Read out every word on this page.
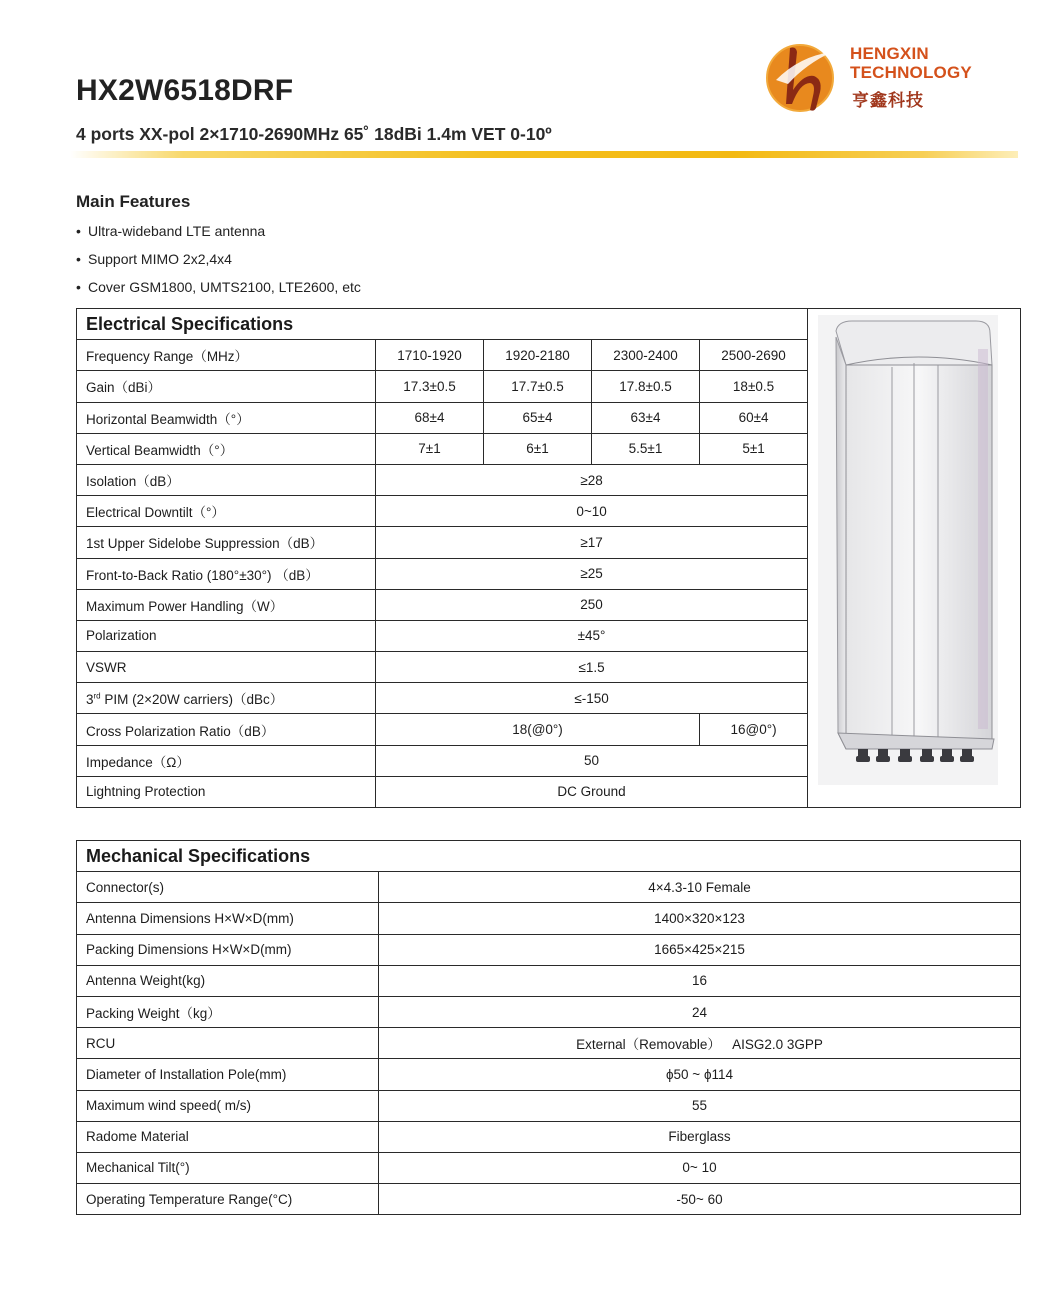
HX2W6518DRF
4 ports XX-pol 2×1710-2690MHz 65˚ 18dBi 1.4m VET 0-10º
HENGXIN
TECHNOLOGY
亨鑫科技
Main Features
• Ultra-wideband LTE antenna
• Support MIMO 2x2,4x4
• Cover GSM1800, UMTS2100, LTE2600, etc
Electrical Specifications	

Frequency Range（MHz）	1710-1920	1920-2180	2300-2400	2500-2690	
Gain（dBi）	17.3±0.5	17.7±0.5	17.8±0.5	18±0.5	
Horizontal Beamwidth（°）	68±4	65±4	63±4	60±4	
Vertical Beamwidth（°）	7±1	6±1	5.5±1	5±1	
Isolation（dB）	≥28				
Electrical Downtilt（°）	0~10				
1st Upper Sidelobe Suppression（dB）	≥17				
Front-to-Back Ratio (180°±30°) （dB）	≥25				
Maximum Power Handling（W）	250				
Polarization	±45°				
VSWR	≤1.5				
3rd PIM (2×20W carriers)（dBc）	≤-150				
Cross Polarization Ratio（dB）	18(@0°)			16@0°)	
Impedance（Ω）	50				
Lightning Protection	DC Ground				
Mechanical Specifications	
Connector(s)	4×4.3-10 Female
Antenna Dimensions H×W×D(mm)	1400×320×123
Packing Dimensions H×W×D(mm)	1665×425×215
Antenna Weight(kg)	16
Packing Weight（kg）	24
RCU	External（Removable）   AISG2.0 3GPP
Diameter of Installation Pole(mm)	ϕ50 ~ ϕ114
Maximum wind speed( m/s)	55
Radome Material	Fiberglass
Mechanical Tilt(°)	0~ 10
Operating Temperature Range(°C)	-50~ 60
